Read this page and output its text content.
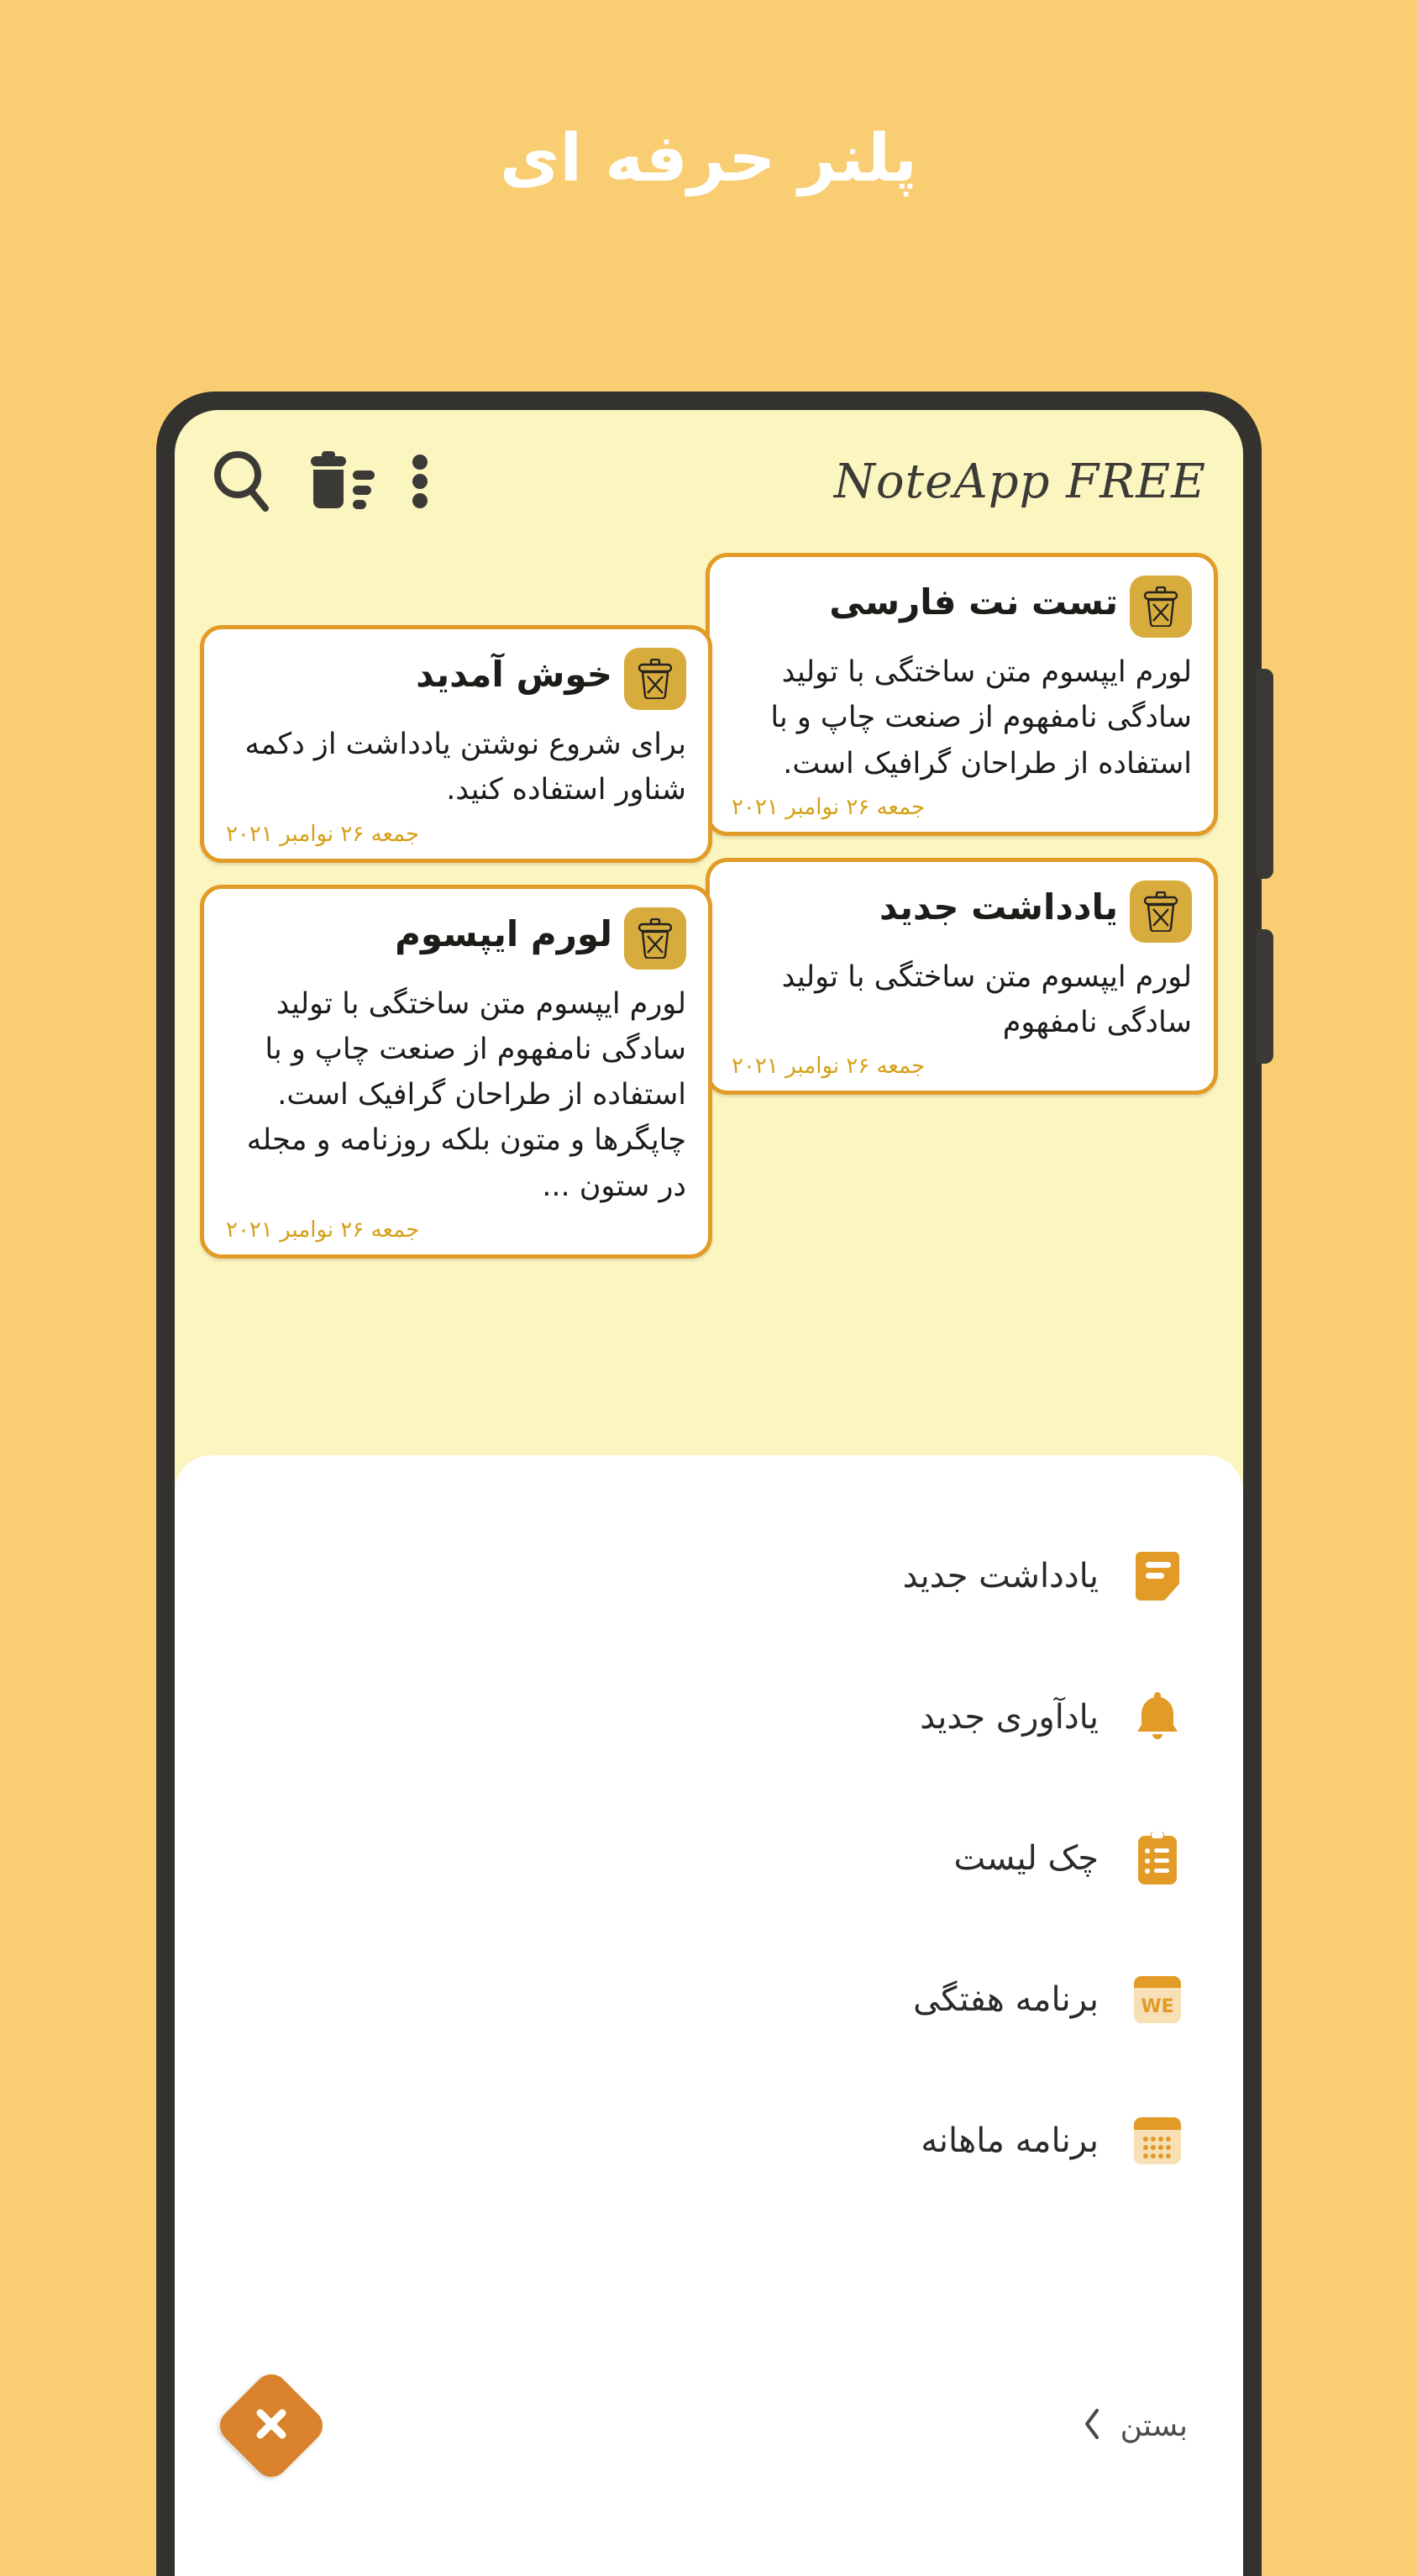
پلنر حرفه ای
NoteApp FREE
تست نت فارسی
لورم ایپسوم متن ساختگی با تولید سادگی نامفهوم از صنعت چاپ و با استفاده از طراحان گرافیک است.
جمعه ۲۶ نوامبر ۲۰۲۱
یادداشت جدید
لورم ایپسوم متن ساختگی با تولید سادگی نامفهوم
جمعه ۲۶ نوامبر ۲۰۲۱
خوش آمدید
برای شروع نوشتن یادداشت از دکمه شناور استفاده کنید.
جمعه ۲۶ نوامبر ۲۰۲۱
لورم ایپسوم
لورم ایپسوم متن ساختگی با تولید سادگی نامفهوم از صنعت چاپ و با استفاده از طراحان گرافیک است. چاپگرها و متون بلکه روزنامه و مجله در ستون ...
جمعه ۲۶ نوامبر ۲۰۲۱
یادداشت جدید
یادآوری جدید
چک لیست
WE
برنامه هفتگی
برنامه ماهانه
بستن
